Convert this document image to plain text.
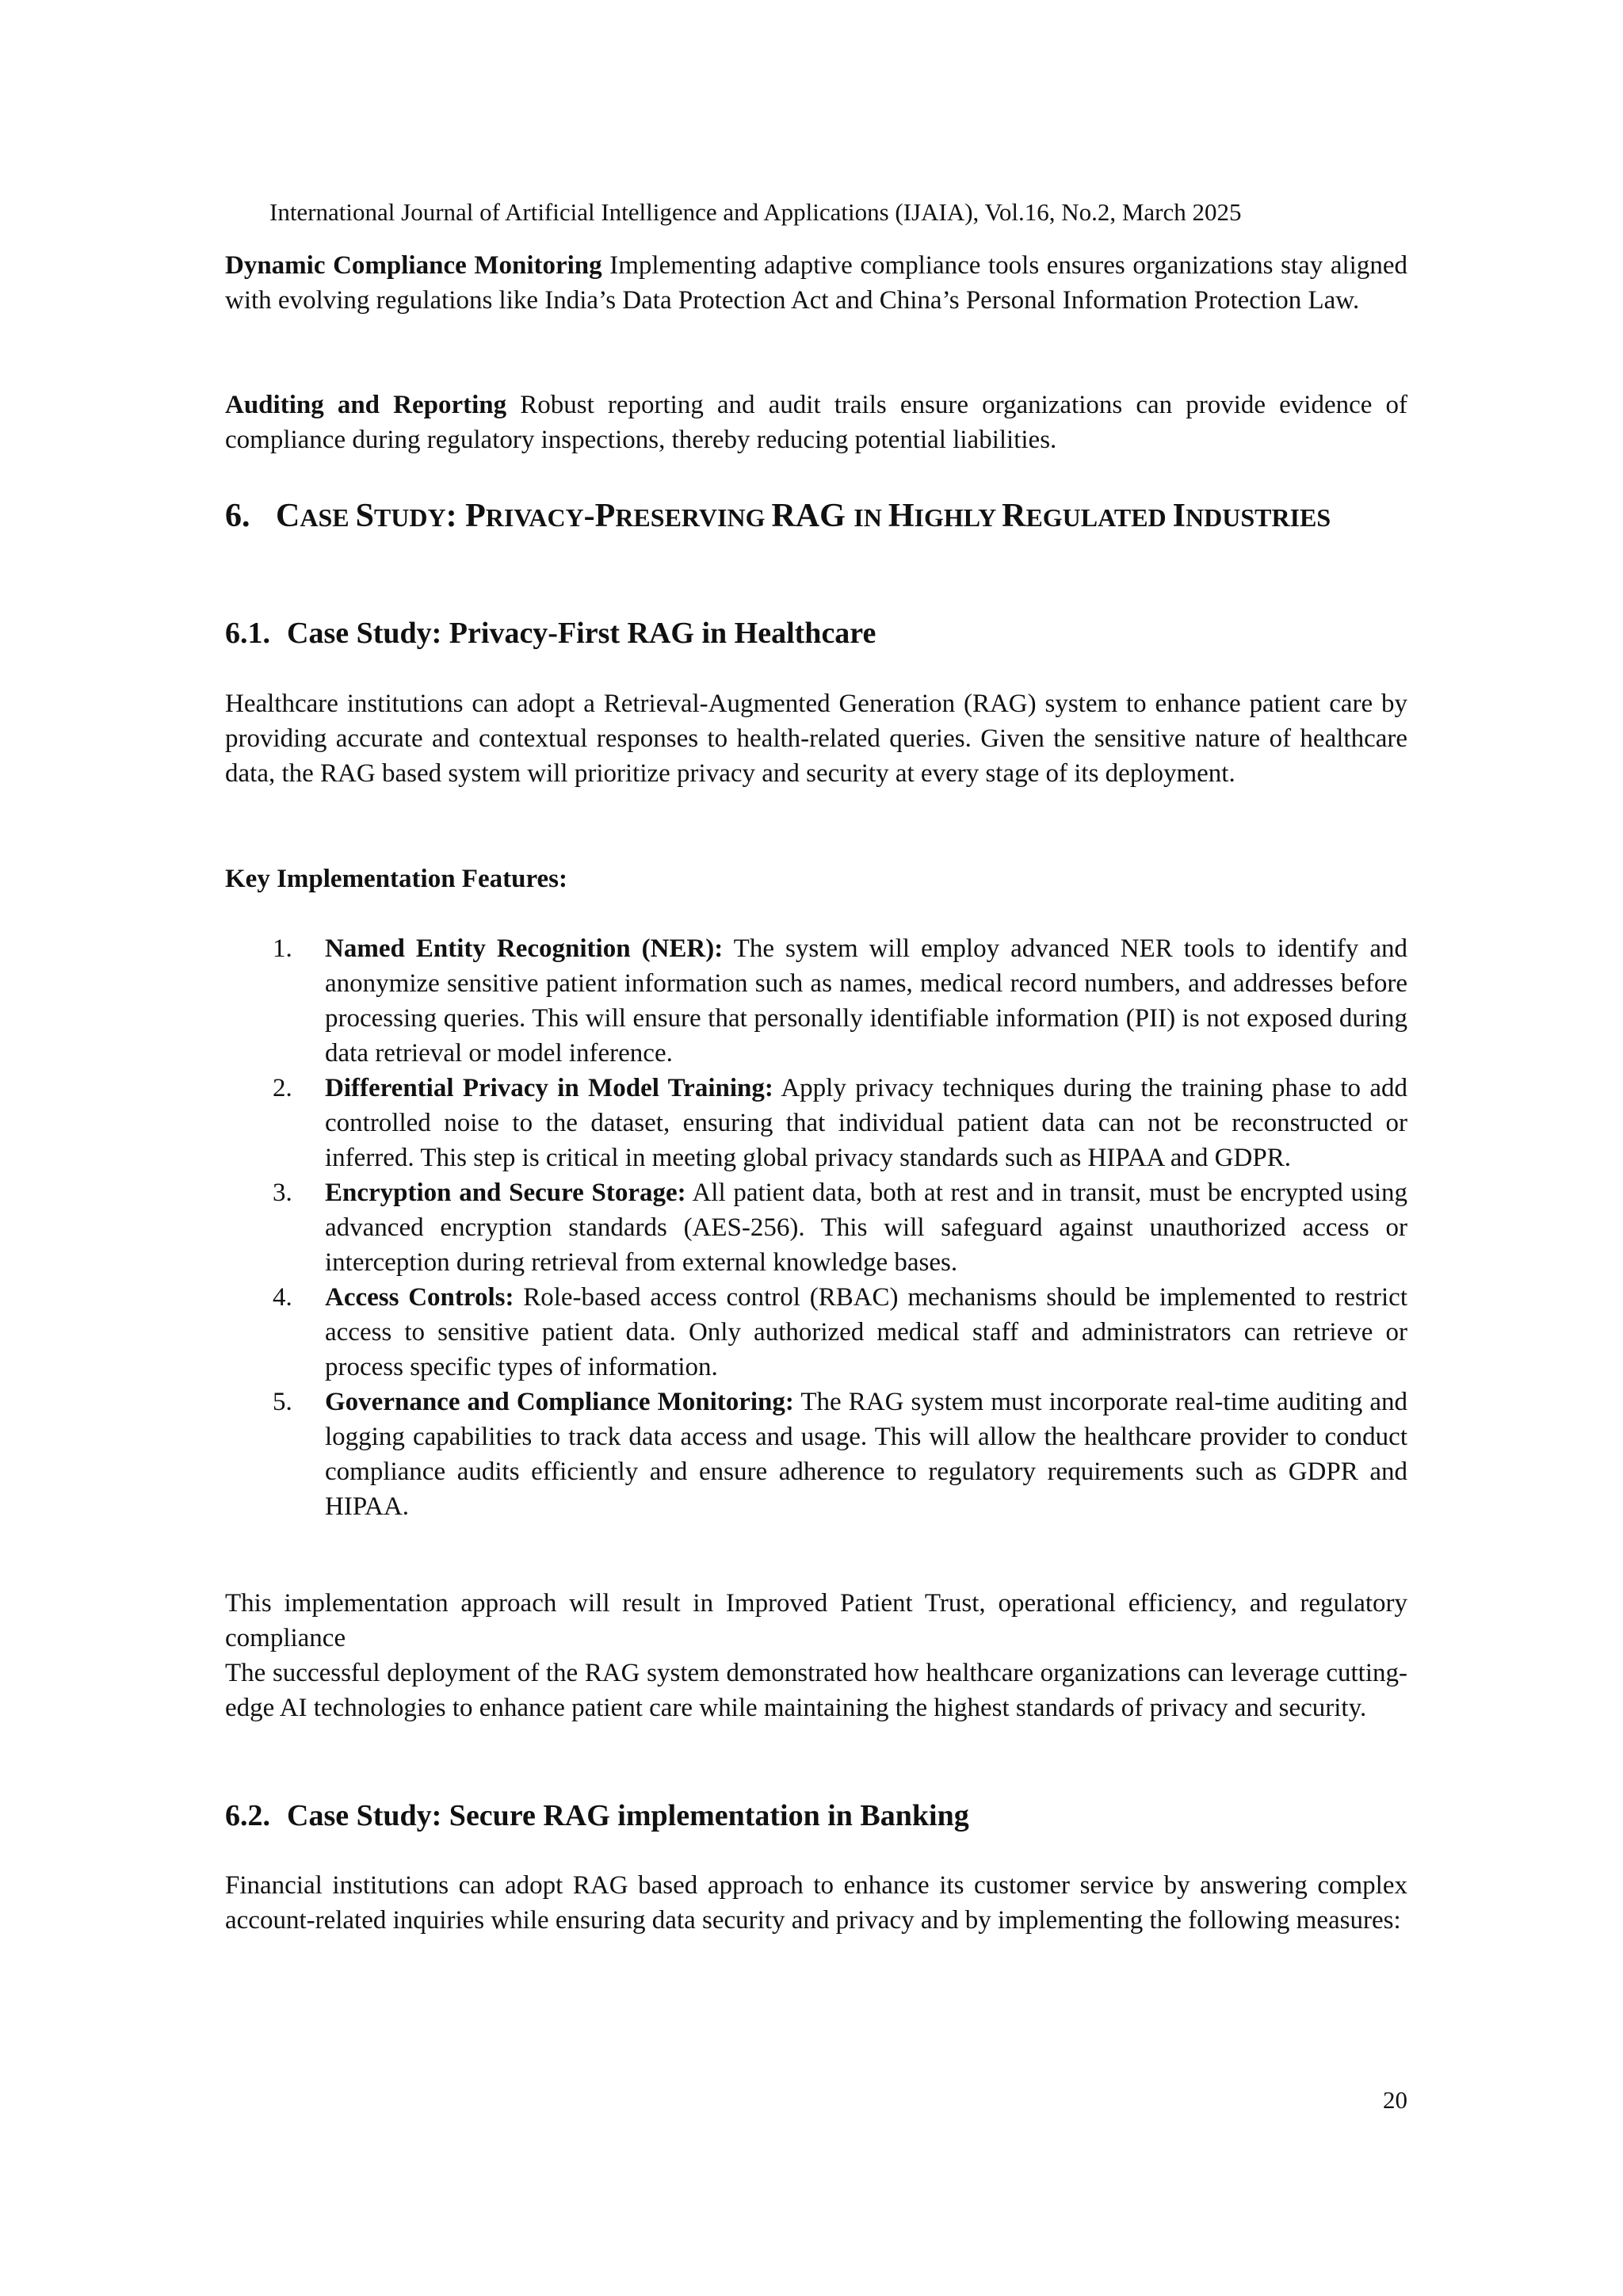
International Journal of Artificial Intelligence and Applications (IJAIA), Vol.16, No.2, March 2025

Dynamic Compliance Monitoring Implementing adaptive compliance tools ensures organizations stay aligned with evolving regulations like India’s Data Protection Act and China’s Personal Information Protection Law.

Auditing and Reporting Robust reporting and audit trails ensure organizations can provide evidence of compliance during regulatory inspections, thereby reducing potential liabilities.

6. CASE STUDY: PRIVACY-PRESERVING RAG IN HIGHLY REGULATED INDUSTRIES
6.1. Case Study: Privacy-First RAG in Healthcare

Healthcare institutions can adopt a Retrieval-Augmented Generation (RAG) system to enhance patient care by providing accurate and contextual responses to health-related queries. Given the sensitive nature of healthcare data, the RAG based system will prioritize privacy and security at every stage of its deployment.

Key Implementation Features:
1. Named Entity Recognition (NER): The system will employ advanced NER tools to identify and anonymize sensitive patient information such as names, medical record numbers, and addresses before processing queries. This will ensure that personally identifiable information (PII) is not exposed during data retrieval or model inference.
2. Differential Privacy in Model Training: Apply privacy techniques during the training phase to add controlled noise to the dataset, ensuring that individual patient data can not be reconstructed or inferred. This step is critical in meeting global privacy standards such as HIPAA and GDPR.
3. Encryption and Secure Storage: All patient data, both at rest and in transit, must be encrypted using advanced encryption standards (AES-256). This will safeguard against unauthorized access or interception during retrieval from external knowledge bases.
4. Access Controls: Role-based access control (RBAC) mechanisms should be implemented to restrict access to sensitive patient data. Only authorized medical staff and administrators can retrieve or process specific types of information.
5. Governance and Compliance Monitoring: The RAG system must incorporate real-time auditing and logging capabilities to track data access and usage. This will allow the healthcare provider to conduct compliance audits efficiently and ensure adherence to regulatory requirements such as GDPR and HIPAA.

This implementation approach will result in Improved Patient Trust, operational efficiency, and regulatory compliance

The successful deployment of the RAG system demonstrated how healthcare organizations can leverage cutting-edge AI technologies to enhance patient care while maintaining the highest standards of privacy and security.

6.2. Case Study: Secure RAG implementation in Banking

Financial institutions can adopt RAG based approach to enhance its customer service by answering complex account-related inquiries while ensuring data security and privacy and by implementing the following measures:

20
